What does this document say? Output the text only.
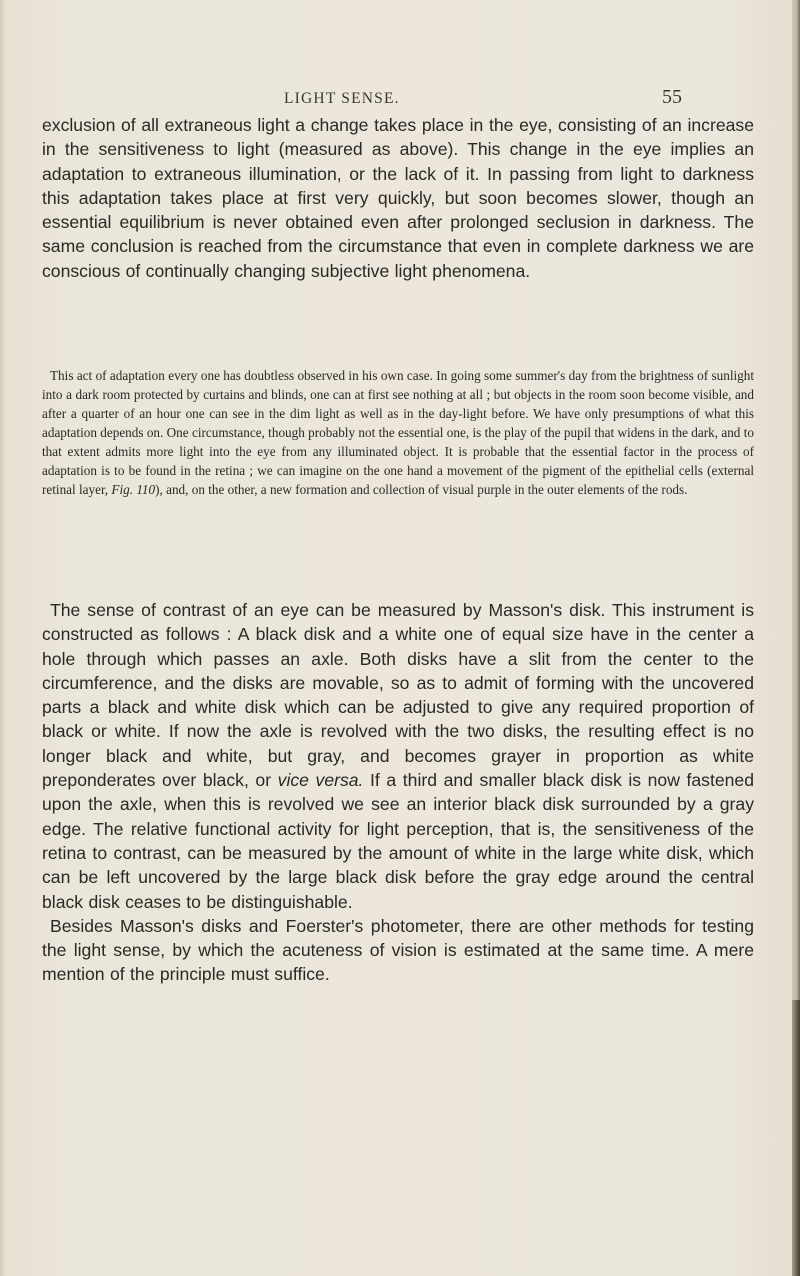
LIGHT SENSE.	55

exclusion of all extraneous light a change takes place in the eye, consisting of an increase in the sensitiveness to light (measured as above). This change in the eye implies an adaptation to extraneous illumination, or the lack of it. In passing from light to darkness this adaptation takes place at first very quickly, but soon becomes slower, though an essential equilibrium is never obtained even after prolonged seclusion in darkness. The same conclusion is reached from the circumstance that even in complete darkness we are conscious of continually changing subjective light phenomena.

This act of adaptation every one has doubtless observed in his own case. In going some summer's day from the brightness of sunlight into a dark room protected by curtains and blinds, one can at first see nothing at all ; but objects in the room soon become visible, and after a quarter of an hour one can see in the dim light as well as in the day-light before. We have only presumptions of what this adaptation depends on. One circumstance, though probably not the essential one, is the play of the pupil that widens in the dark, and to that extent admits more light into the eye from any illuminated object. It is probable that the essential factor in the process of adaptation is to be found in the retina ; we can imagine on the one hand a movement of the pigment of the epithelial cells (external retinal layer, Fig. 110), and, on the other, a new formation and collection of visual purple in the outer elements of the rods.

The sense of contrast of an eye can be measured by Masson's disk. This instrument is constructed as follows : A black disk and a white one of equal size have in the center a hole through which passes an axle. Both disks have a slit from the center to the circumference, and the disks are movable, so as to admit of forming with the uncovered parts a black and white disk which can be adjusted to give any required proportion of black or white. If now the axle is revolved with the two disks, the resulting effect is no longer black and white, but gray, and becomes grayer in proportion as white preponderates over black, or vice versa. If a third and smaller black disk is now fastened upon the axle, when this is revolved we see an interior black disk surrounded by a gray edge. The relative functional activity for light perception, that is, the sensitiveness of the retina to contrast, can be measured by the amount of white in the large white disk, which can be left uncovered by the large black disk before the gray edge around the central black disk ceases to be distinguishable.

Besides Masson's disks and Foerster's photometer, there are other methods for testing the light sense, by which the acuteness of vision is estimated at the same time. A mere mention of the principle must suffice.
